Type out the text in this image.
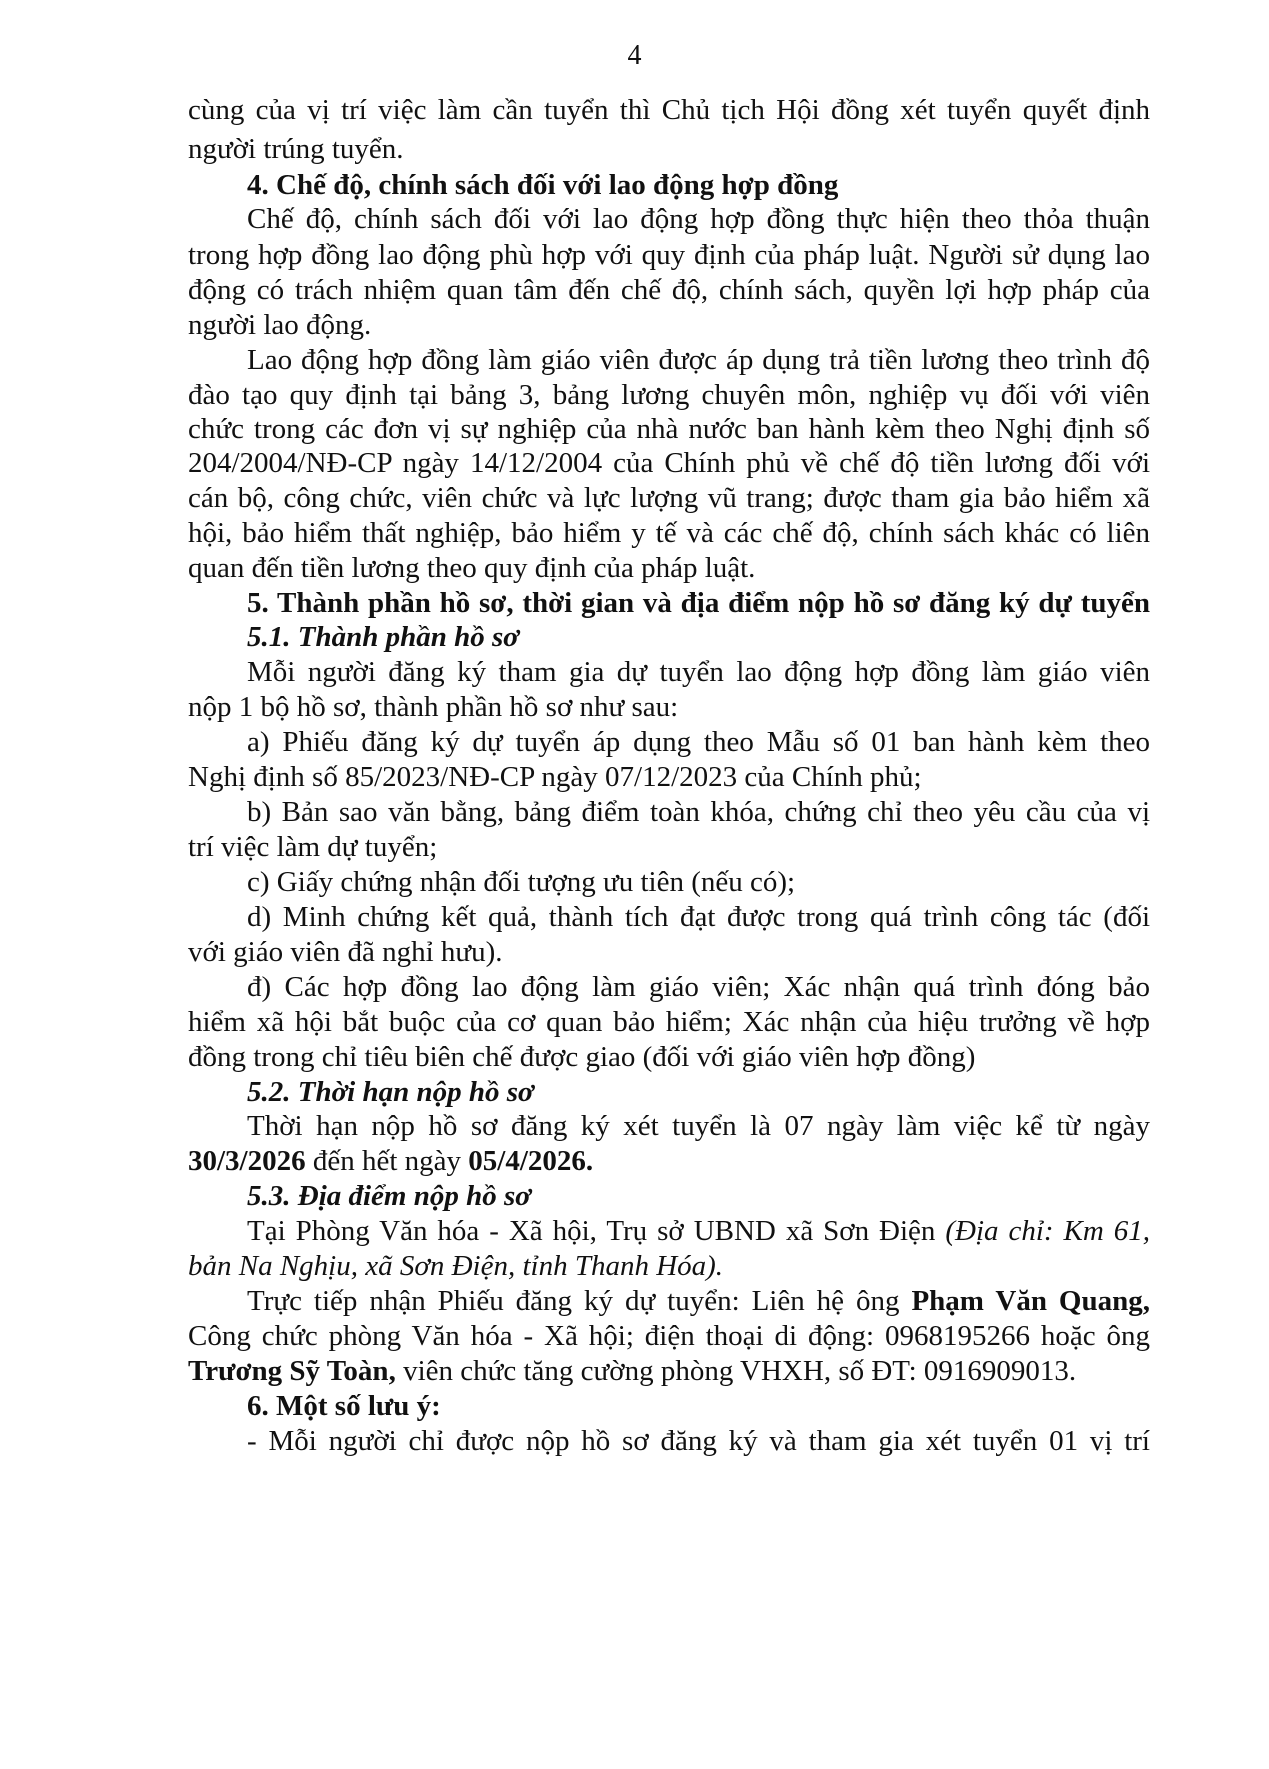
4
cùng của vị trí việc làm cần tuyển thì Chủ tịch Hội đồng xét tuyển quyết định
người trúng tuyển.
4. Chế độ, chính sách đối với lao động hợp đồng
Chế độ, chính sách đối với lao động hợp đồng thực hiện theo thỏa thuận
trong hợp đồng lao động phù hợp với quy định của pháp luật. Người sử dụng lao
động có trách nhiệm quan tâm đến chế độ, chính sách, quyền lợi hợp pháp của
người lao động.
Lao động hợp đồng làm giáo viên được áp dụng trả tiền lương theo trình độ
đào tạo quy định tại bảng 3, bảng lương chuyên môn, nghiệp vụ đối với viên
chức trong các đơn vị sự nghiệp của nhà nước ban hành kèm theo Nghị định số
204/2004/NĐ-CP ngày 14/12/2004 của Chính phủ về chế độ tiền lương đối với
cán bộ, công chức, viên chức và lực lượng vũ trang; được tham gia bảo hiểm xã
hội, bảo hiểm thất nghiệp, bảo hiểm y tế và các chế độ, chính sách khác có liên
quan đến tiền lương theo quy định của pháp luật.
5. Thành phần hồ sơ, thời gian và địa điểm nộp hồ sơ đăng ký dự tuyển
5.1. Thành phần hồ sơ
Mỗi người đăng ký tham gia dự tuyển lao động hợp đồng làm giáo viên
nộp 1 bộ hồ sơ, thành phần hồ sơ như sau:
a) Phiếu đăng ký dự tuyển áp dụng theo Mẫu số 01 ban hành kèm theo
Nghị định số 85/2023/NĐ-CP ngày 07/12/2023 của Chính phủ;
b) Bản sao văn bằng, bảng điểm toàn khóa, chứng chỉ theo yêu cầu của vị
trí việc làm dự tuyển;
c) Giấy chứng nhận đối tượng ưu tiên (nếu có);
d) Minh chứng kết quả, thành tích đạt được trong quá trình công tác (đối
với giáo viên đã nghỉ hưu).
đ) Các hợp đồng lao động làm giáo viên; Xác nhận quá trình đóng bảo
hiểm xã hội bắt buộc của cơ quan bảo hiểm; Xác nhận của hiệu trưởng về hợp
đồng trong chỉ tiêu biên chế được giao (đối với giáo viên hợp đồng)
5.2. Thời hạn nộp hồ sơ
Thời hạn nộp hồ sơ đăng ký xét tuyển là 07 ngày làm việc kể từ ngày
30/3/2026 đến hết ngày 05/4/2026.
5.3. Địa điểm nộp hồ sơ
Tại Phòng Văn hóa - Xã hội, Trụ sở UBND xã Sơn Điện (Địa chỉ: Km 61,
bản Na Nghịu, xã Sơn Điện, tỉnh Thanh Hóa).
Trực tiếp nhận Phiếu đăng ký dự tuyển: Liên hệ ông Phạm Văn Quang,
Công chức phòng Văn hóa - Xã hội; điện thoại di động: 0968195266 hoặc ông
Trương Sỹ Toàn, viên chức tăng cường phòng VHXH, số ĐT: 0916909013.
6. Một số lưu ý:
- Mỗi người chỉ được nộp hồ sơ đăng ký và tham gia xét tuyển 01 vị trí
